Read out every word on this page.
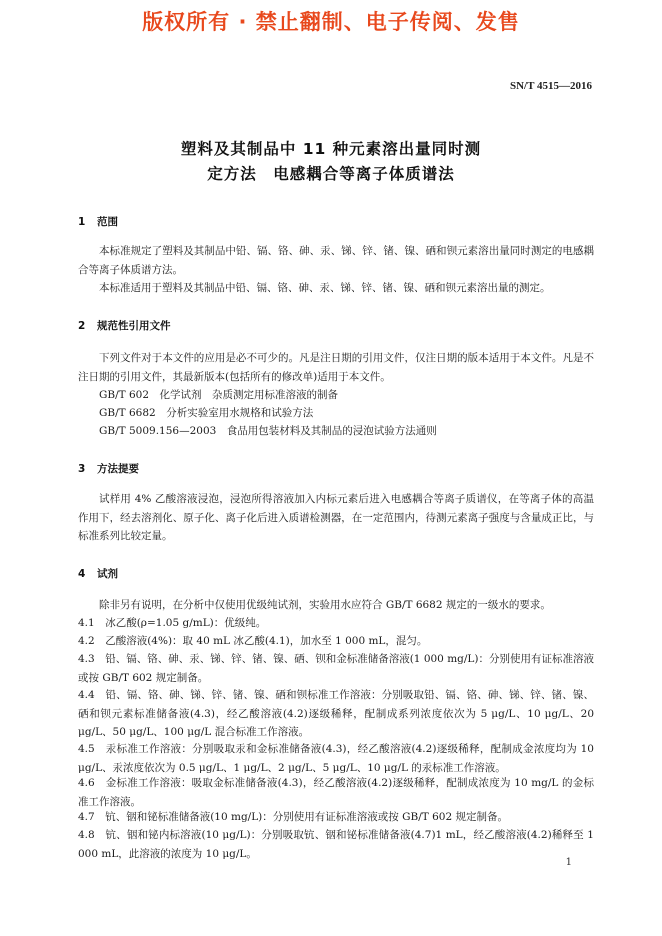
版权所有 · 禁止翻制、电子传阅、发售
SN/T 4515—2016
塑料及其制品中 11 种元素溶出量同时测
定方法　电感耦合等离子体质谱法
1 范围
本标准规定了塑料及其制品中铅、镉、铬、砷、汞、锑、锌、锗、镍、硒和钡元素溶出量同时测定的电感耦合等离子体质谱方法。
本标准适用于塑料及其制品中铅、镉、铬、砷、汞、锑、锌、锗、镍、硒和钡元素溶出量的测定。
2 规范性引用文件
下列文件对于本文件的应用是必不可少的。凡是注日期的引用文件，仅注日期的版本适用于本文件。凡是不注日期的引用文件，其最新版本(包括所有的修改单)适用于本文件。
GB/T 602　化学试剂　杂质测定用标准溶液的制备
GB/T 6682　分析实验室用水规格和试验方法
GB/T 5009.156—2003　食品用包装材料及其制品的浸泡试验方法通则
3 方法提要
试样用 4% 乙酸溶液浸泡，浸泡所得溶液加入内标元素后进入电感耦合等离子质谱仪，在等离子体的高温作用下，经去溶剂化、原子化、离子化后进入质谱检测器，在一定范围内，待测元素离子强度与含量成正比，与标准系列比较定量。
4 试剂
除非另有说明，在分析中仅使用优级纯试剂，实验用水应符合 GB/T 6682 规定的一级水的要求。
4.1　冰乙酸(ρ=1.05 g/mL)：优级纯。
4.2　乙酸溶液(4%)：取 40 mL 冰乙酸(4.1)，加水至 1 000 mL，混匀。
4.3　铅、镉、铬、砷、汞、锑、锌、锗、镍、硒、钡和金标准储备溶液(1 000 mg/L)：分别使用有证标准溶液或按 GB/T 602 规定制备。
4.4　铅、镉、铬、砷、锑、锌、锗、镍、硒和钡标准工作溶液：分别吸取铅、镉、铬、砷、锑、锌、锗、镍、硒和钡元素标准储备液(4.3)，经乙酸溶液(4.2)逐级稀释，配制成系列浓度依次为 5 μg/L、10 μg/L、20 μg/L、50 μg/L、100 μg/L 混合标准工作溶液。
4.5　汞标准工作溶液：分别吸取汞和金标准储备液(4.3)，经乙酸溶液(4.2)逐级稀释，配制成金浓度均为 10 μg/L、汞浓度依次为 0.5 μg/L、1 μg/L、2 μg/L、5 μg/L、10 μg/L 的汞标准工作溶液。
4.6　金标准工作溶液：吸取金标准储备液(4.3)，经乙酸溶液(4.2)逐级稀释，配制成浓度为 10 mg/L 的金标准工作溶液。
4.7　钪、铟和铋标准储备液(10 mg/L)：分别使用有证标准溶液或按 GB/T 602 规定制备。
4.8　钪、铟和铋内标溶液(10 μg/L)：分别吸取钪、铟和铋标准储备液(4.7)1 mL，经乙酸溶液(4.2)稀释至 1 000 mL，此溶液的浓度为 10 μg/L。
1
